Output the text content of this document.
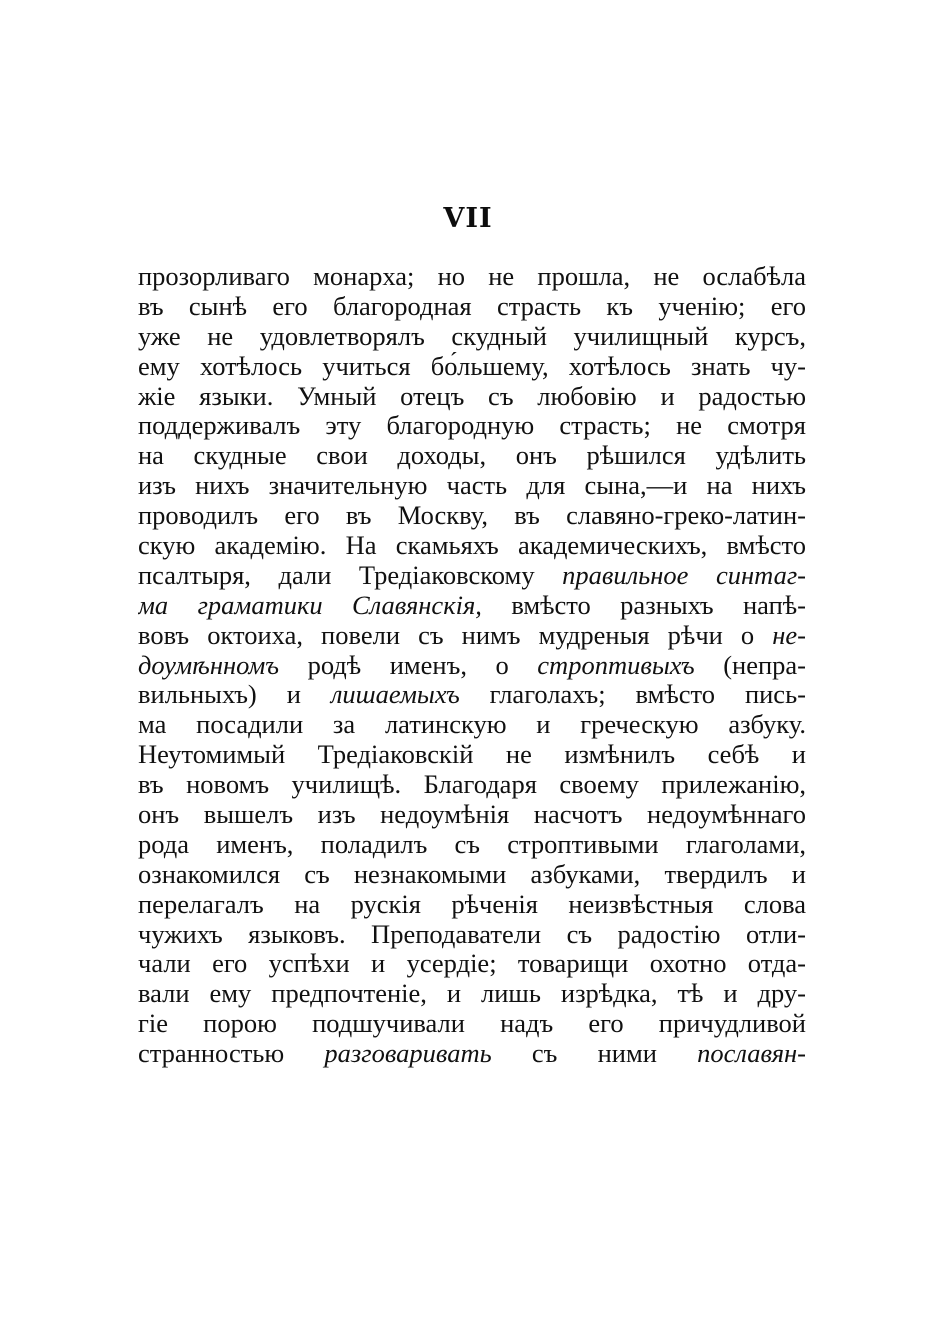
VII
прозорливаго монарха; но не прошла, не ослабѣла
въ сынѣ его благородная страсть къ ученію; его
уже не удовлетворялъ скудный училищный курсъ,
ему хотѣлось учиться бо́льшему, хотѣлось знать чу-
жіе языки. Умный отецъ съ любовію и радостью
поддерживалъ эту благородную страсть; не смотря
на скудные свои доходы, онъ рѣшился удѣлить
изъ нихъ значительную часть для сына,—и на нихъ
проводилъ его въ Москву, въ славяно-греко-латин-
скую академію. На скамьяхъ академическихъ, вмѣсто
псалтыря, дали Тредіаковскому правильное синтаг-
ма граматики Славянскія, вмѣсто разныхъ напѣ-
вовъ октоиха, повели съ нимъ мудреныя рѣчи о не-
доумѣнномъ родѣ именъ, о строптивыхъ (непра-
вильныхъ) и лишаемыхъ глаголахъ; вмѣсто пись-
ма посадили за латинскую и греческую азбуку.
Неутомимый Тредіаковскій не измѣнилъ себѣ и
въ новомъ училищѣ. Благодаря своему прилежанію,
онъ вышелъ изъ недоумѣнія насчотъ недоумѣннаго
рода именъ, поладилъ съ строптивыми глаголами,
ознакомился съ незнакомыми азбуками, твердилъ и
перелагалъ на рускія рѣченія неизвѣстныя слова
чужихъ языковъ. Преподаватели съ радостію отли-
чали его успѣхи и усердіе; товарищи охотно отда-
вали ему предпочтеніе, и лишь изрѣдка, тѣ и дру-
гіе порою подшучивали надъ его причудливой
странностью разговаривать съ ними пославян-
